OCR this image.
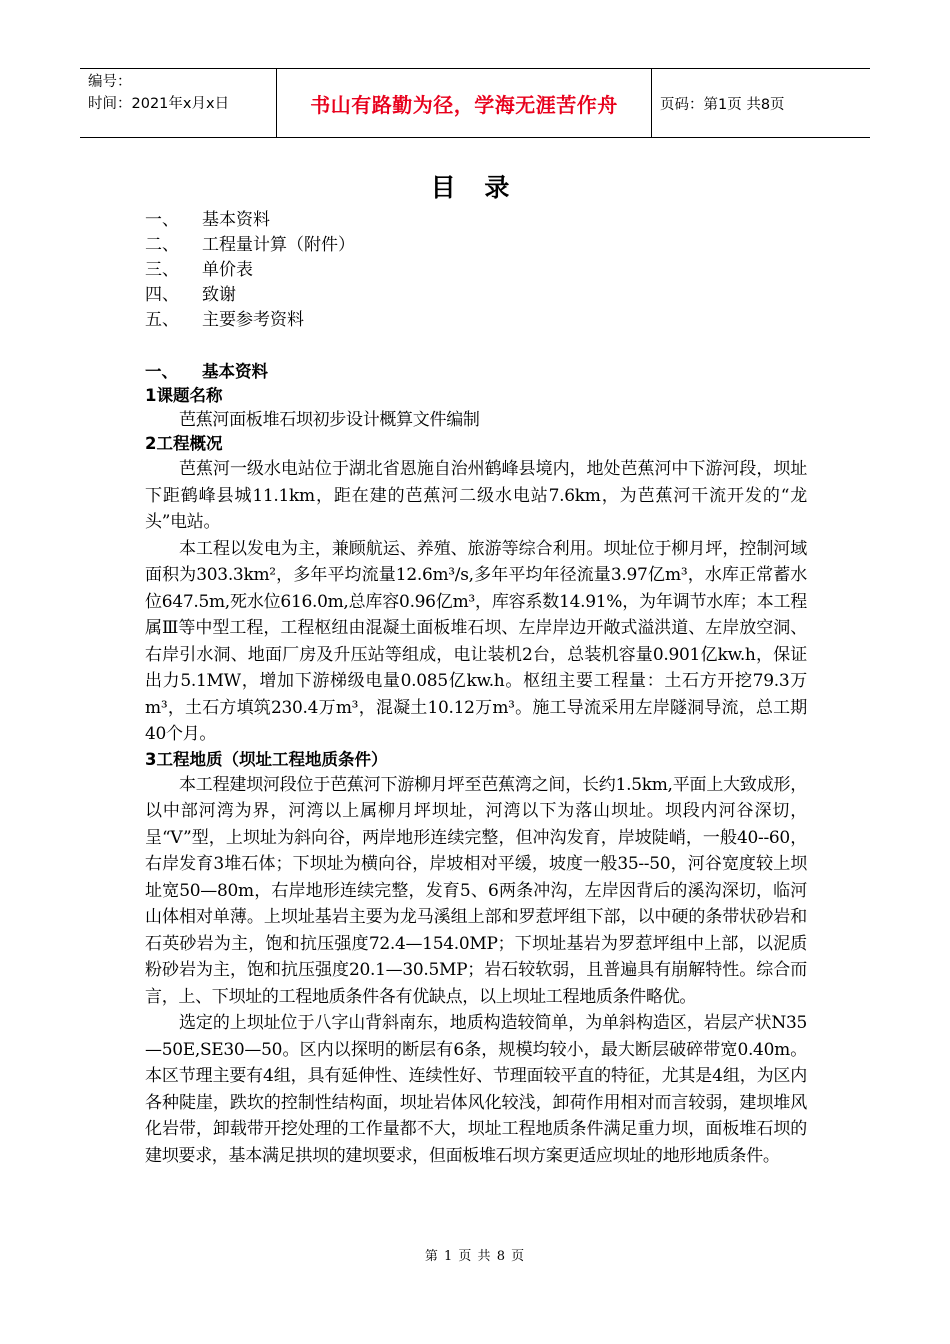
编号：
时间：2021年x月x日	书山有路勤为径，学海无涯苦作舟	页码：第1页 共8页
目 录
一、	基本资料
二、	工程量计算（附件）
三、	单价表
四、	致谢
五、	主要参考资料
一、	基本资料
1课题名称

芭蕉河面板堆石坝初步设计概算文件编制

2工程概况

芭蕉河一级水电站位于湖北省恩施自治州鹤峰县境内，地处芭蕉河中下游河段，坝址下距鹤峰县城11.1km，距在建的芭蕉河二级水电站7.6km，为芭蕉河干流开发的“龙头”电站。

本工程以发电为主，兼顾航运、养殖、旅游等综合利用。坝址位于柳月坪，控制河域面积为303.3km²，多年平均流量12.6m³/s,多年平均年径流量3.97亿m³，水库正常蓄水位647.5m,死水位616.0m,总库容0.96亿m³，库容系数14.91%，为年调节水库；本工程属Ⅲ等中型工程，工程枢纽由混凝土面板堆石坝、左岸岸边开敞式溢洪道、左岸放空洞、右岸引水洞、地面厂房及升压站等组成，电让装机2台，总装机容量0.901亿kw.h，保证出力5.1MW，增加下游梯级电量0.085亿kw.h。枢纽主要工程量：土石方开挖79.3万m³，土石方填筑230.4万m³，混凝土10.12万m³。施工导流采用左岸隧洞导流，总工期40个月。

3工程地质（坝址工程地质条件）

本工程建坝河段位于芭蕉河下游柳月坪至芭蕉湾之间，长约1.5km,平面上大致成形，以中部河湾为界，河湾以上属柳月坪坝址，河湾以下为落山坝址。坝段内河谷深切，呈“V”型，上坝址为斜向谷，两岸地形连续完整，但冲沟发育，岸坡陡峭，一般40--60，右岸发育3堆石体；下坝址为横向谷，岸坡相对平缓，坡度一般35--50，河谷宽度较上坝址宽50—80m，右岸地形连续完整，发育5、6两条冲沟，左岸因背后的溪沟深切，临河山体相对单薄。上坝址基岩主要为龙马溪组上部和罗惹坪组下部，以中硬的条带状砂岩和石英砂岩为主，饱和抗压强度72.4—154.0MP；下坝址基岩为罗惹坪组中上部，以泥质粉砂岩为主，饱和抗压强度20.1—30.5MP；岩石较软弱，且普遍具有崩解特性。综合而言，上、下坝址的工程地质条件各有优缺点，以上坝址工程地质条件略优。

选定的上坝址位于八字山背斜南东，地质构造较简单，为单斜构造区，岩层产状N35—50E,SE30—50。区内以探明的断层有6条，规模均较小，最大断层破碎带宽0.40m。本区节理主要有4组，具有延伸性、连续性好、节理面较平直的特征，尤其是4组，为区内各种陡崖，跌坎的控制性结构面，坝址岩体风化较浅，卸荷作用相对而言较弱，建坝堆风化岩带，卸载带开挖处理的工作量都不大，坝址工程地质条件满足重力坝，面板堆石坝的建坝要求，基本满足拱坝的建坝要求，但面板堆石坝方案更适应坝址的地形地质条件。

第 1 页 共 8 页
